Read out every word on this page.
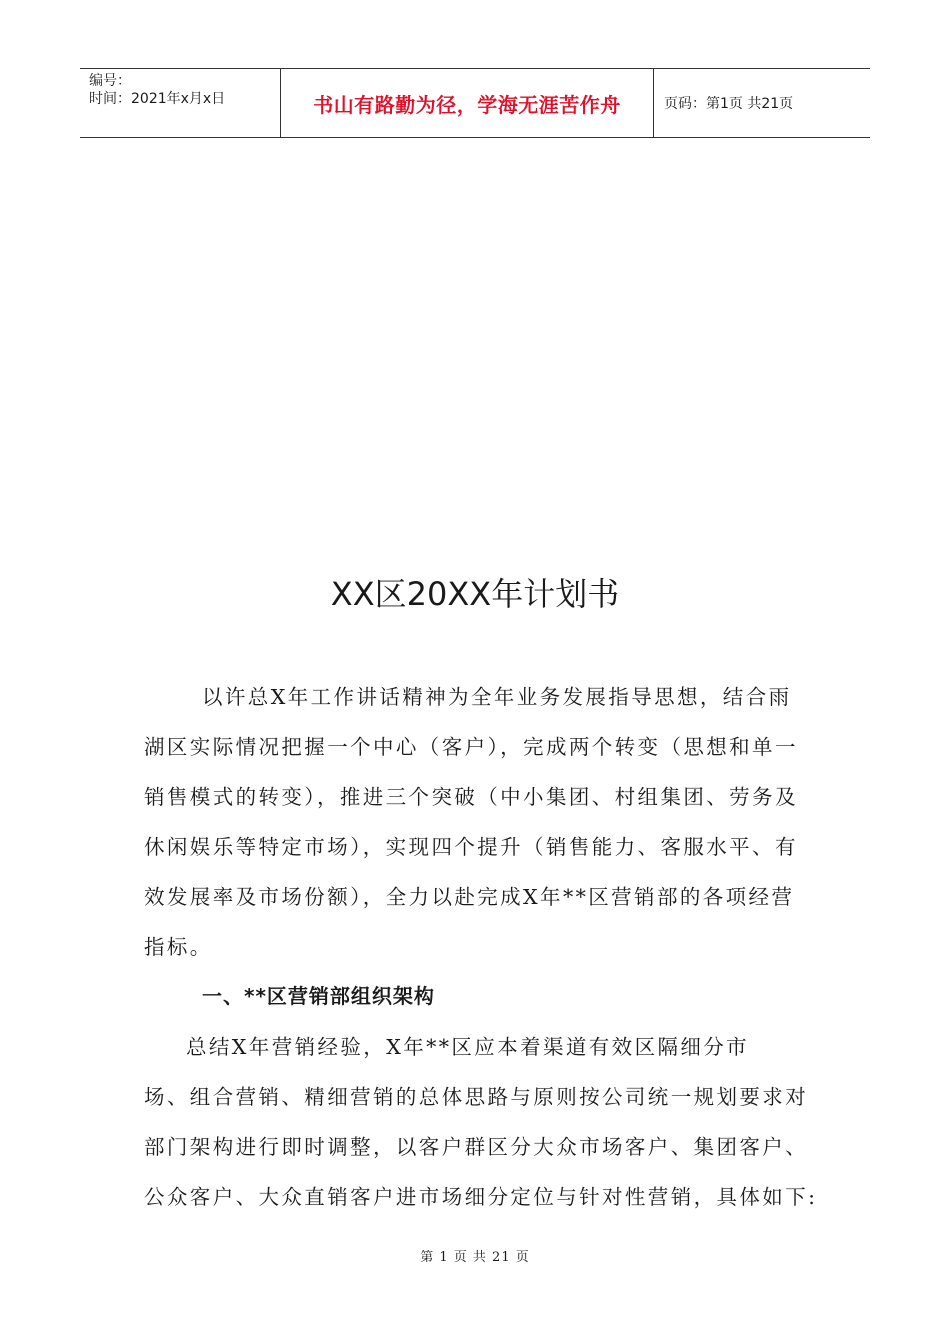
编号：
时间：2021年x月x日	书山有路勤为径，学海无涯苦作舟	页码：第1页 共21页
XX区20XX年计划书
以许总X年工作讲话精神为全年业务发展指导思想，结合雨
湖区实际情况把握一个中心（客户），完成两个转变（思想和单一
销售模式的转变），推进三个突破（中小集团、村组集团、劳务及
休闲娱乐等特定市场），实现四个提升（销售能力、客服水平、有
效发展率及市场份额），全力以赴完成X年**区营销部的各项经营
指标。
一、**区营销部组织架构
总结X年营销经验，X年**区应本着渠道有效区隔细分市
场、组合营销、精细营销的总体思路与原则按公司统一规划要求对
部门架构进行即时调整，以客户群区分大众市场客户、集团客户、
公众客户、大众直销客户进市场细分定位与针对性营销，具体如下:
第 1 页 共 21 页
